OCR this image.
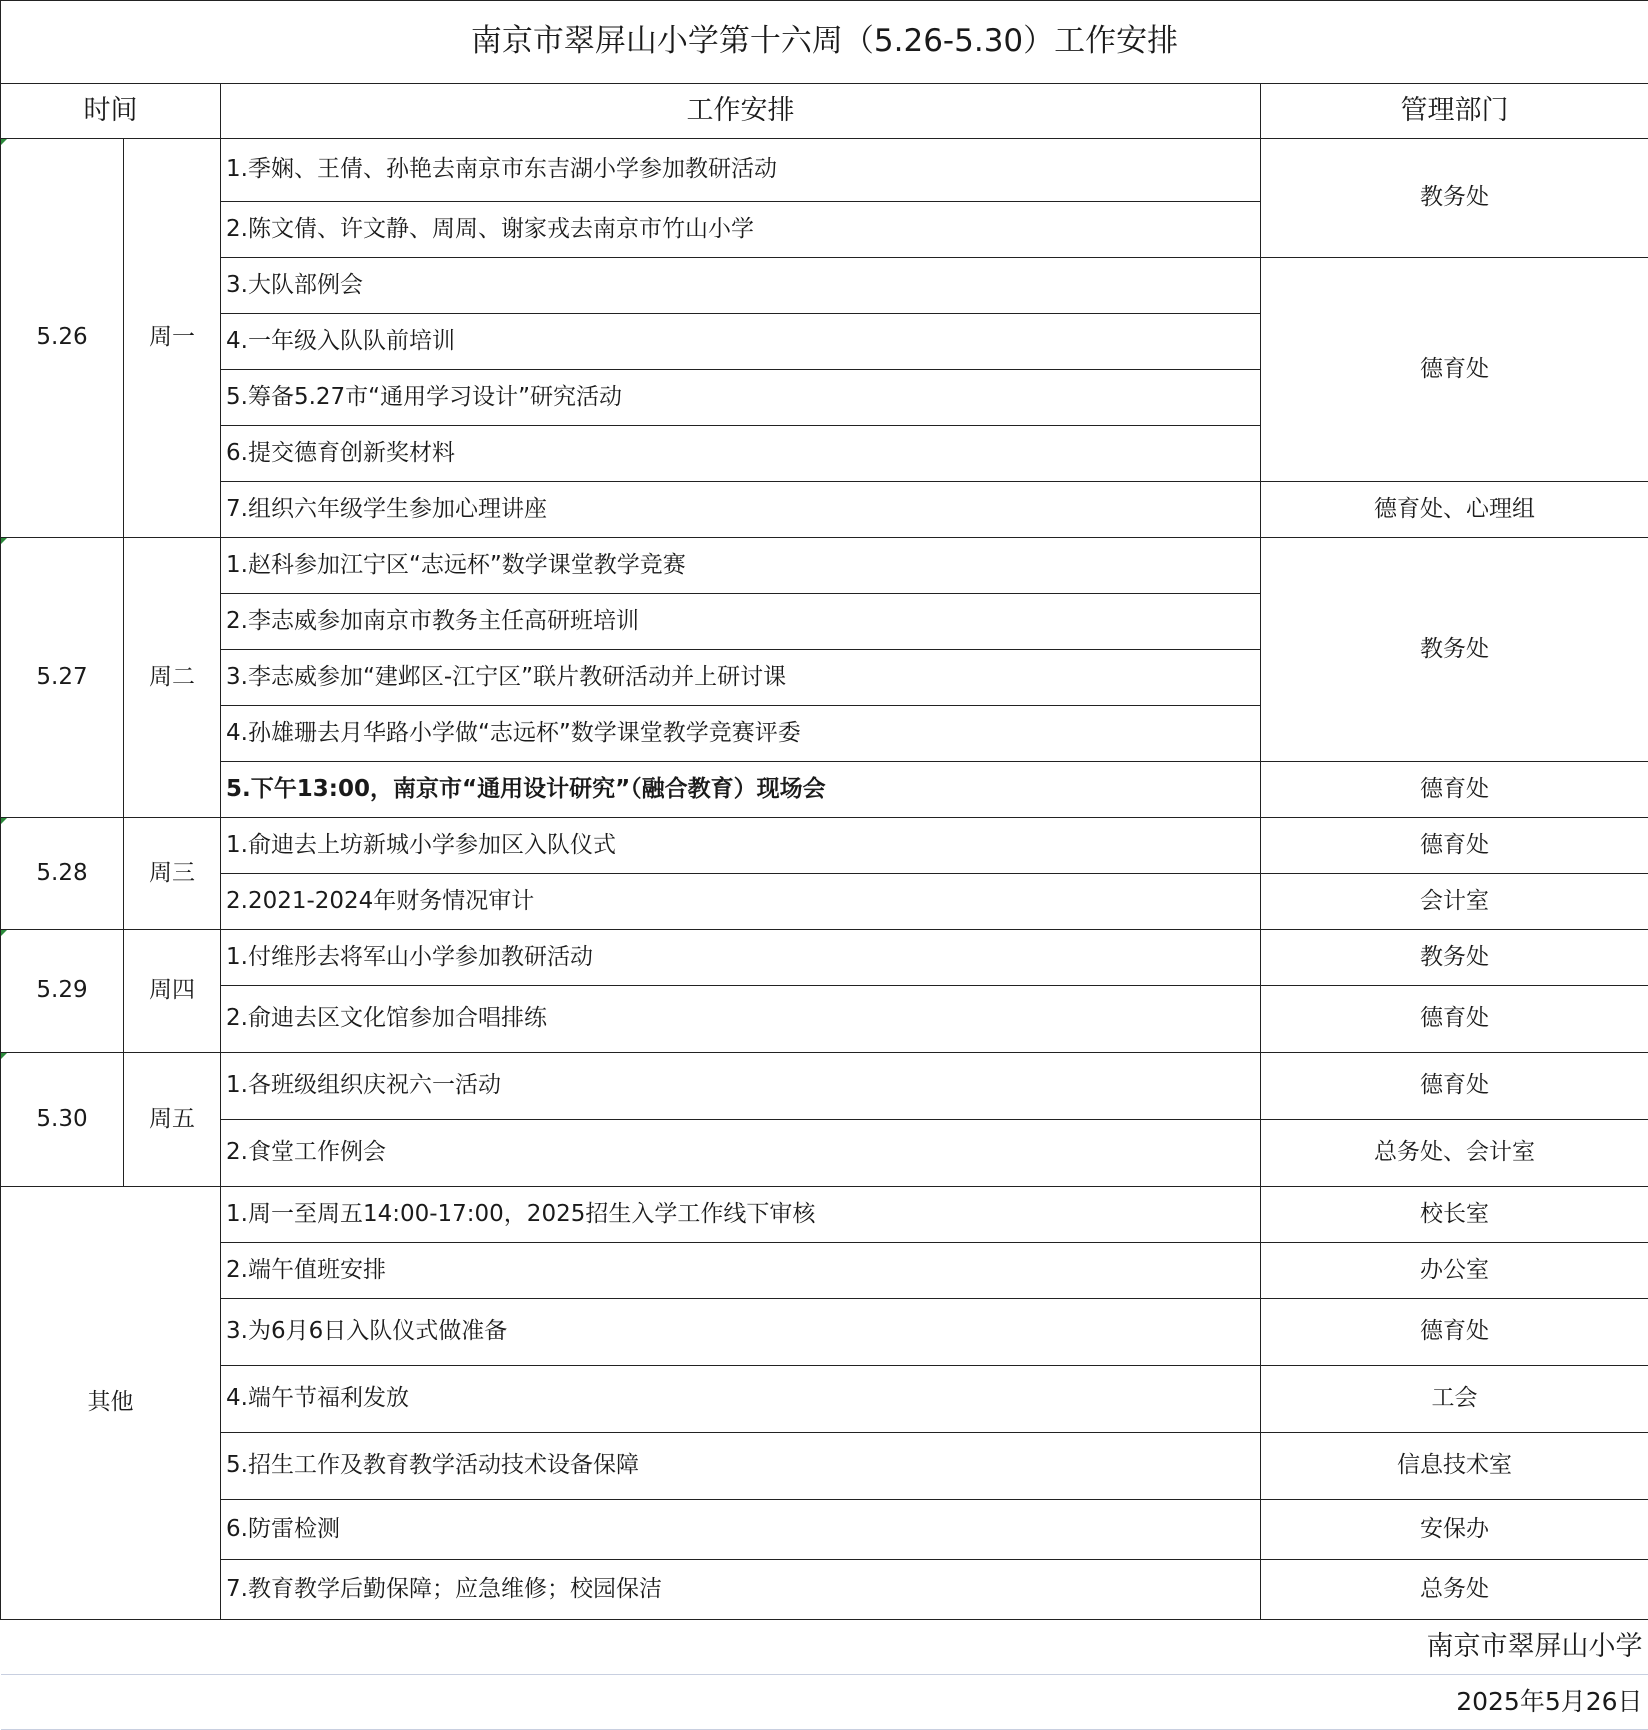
南京市翠屏山小学第十六周（5.26-5.30）工作安排			
时间		工作安排	管理部门
5.26	周一	1.季娴、王倩、孙艳去南京市东吉湖小学参加教研活动	教务处
		2.陈文倩、许文静、周周、谢家戎去南京市竹山小学	
		3.大队部例会	德育处
		4.一年级入队队前培训	
		5.筹备5.27市“通用学习设计”研究活动	
		6.提交德育创新奖材料	
		7.组织六年级学生参加心理讲座	德育处、心理组
5.27	周二	1.赵科参加江宁区“志远杯”数学课堂教学竞赛	教务处
		2.李志威参加南京市教务主任高研班培训	
		3.李志威参加“建邺区-江宁区”联片教研活动并上研讨课	
		4.孙雄珊去月华路小学做“志远杯”数学课堂教学竞赛评委	
		5.下午13:00，南京市“通用设计研究”（融合教育）现场会	德育处
5.28	周三	1.俞迪去上坊新城小学参加区入队仪式	德育处
		2.2021-2024年财务情况审计	会计室
5.29	周四	1.付维彤去将军山小学参加教研活动	教务处
		2.俞迪去区文化馆参加合唱排练	德育处
5.30	周五	1.各班级组织庆祝六一活动	德育处
		2.食堂工作例会	总务处、会计室
其他		1.周一至周五14:00-17:00，2025招生入学工作线下审核	校长室
		2.端午值班安排	办公室
		3.为6月6日入队仪式做准备	德育处
		4.端午节福利发放	工会
		5.招生工作及教育教学活动技术设备保障	信息技术室
		6.防雷检测	安保办
		7.教育教学后勤保障；应急维修；校园保洁	总务处
南京市翠屏山小学			
2025年5月26日			
